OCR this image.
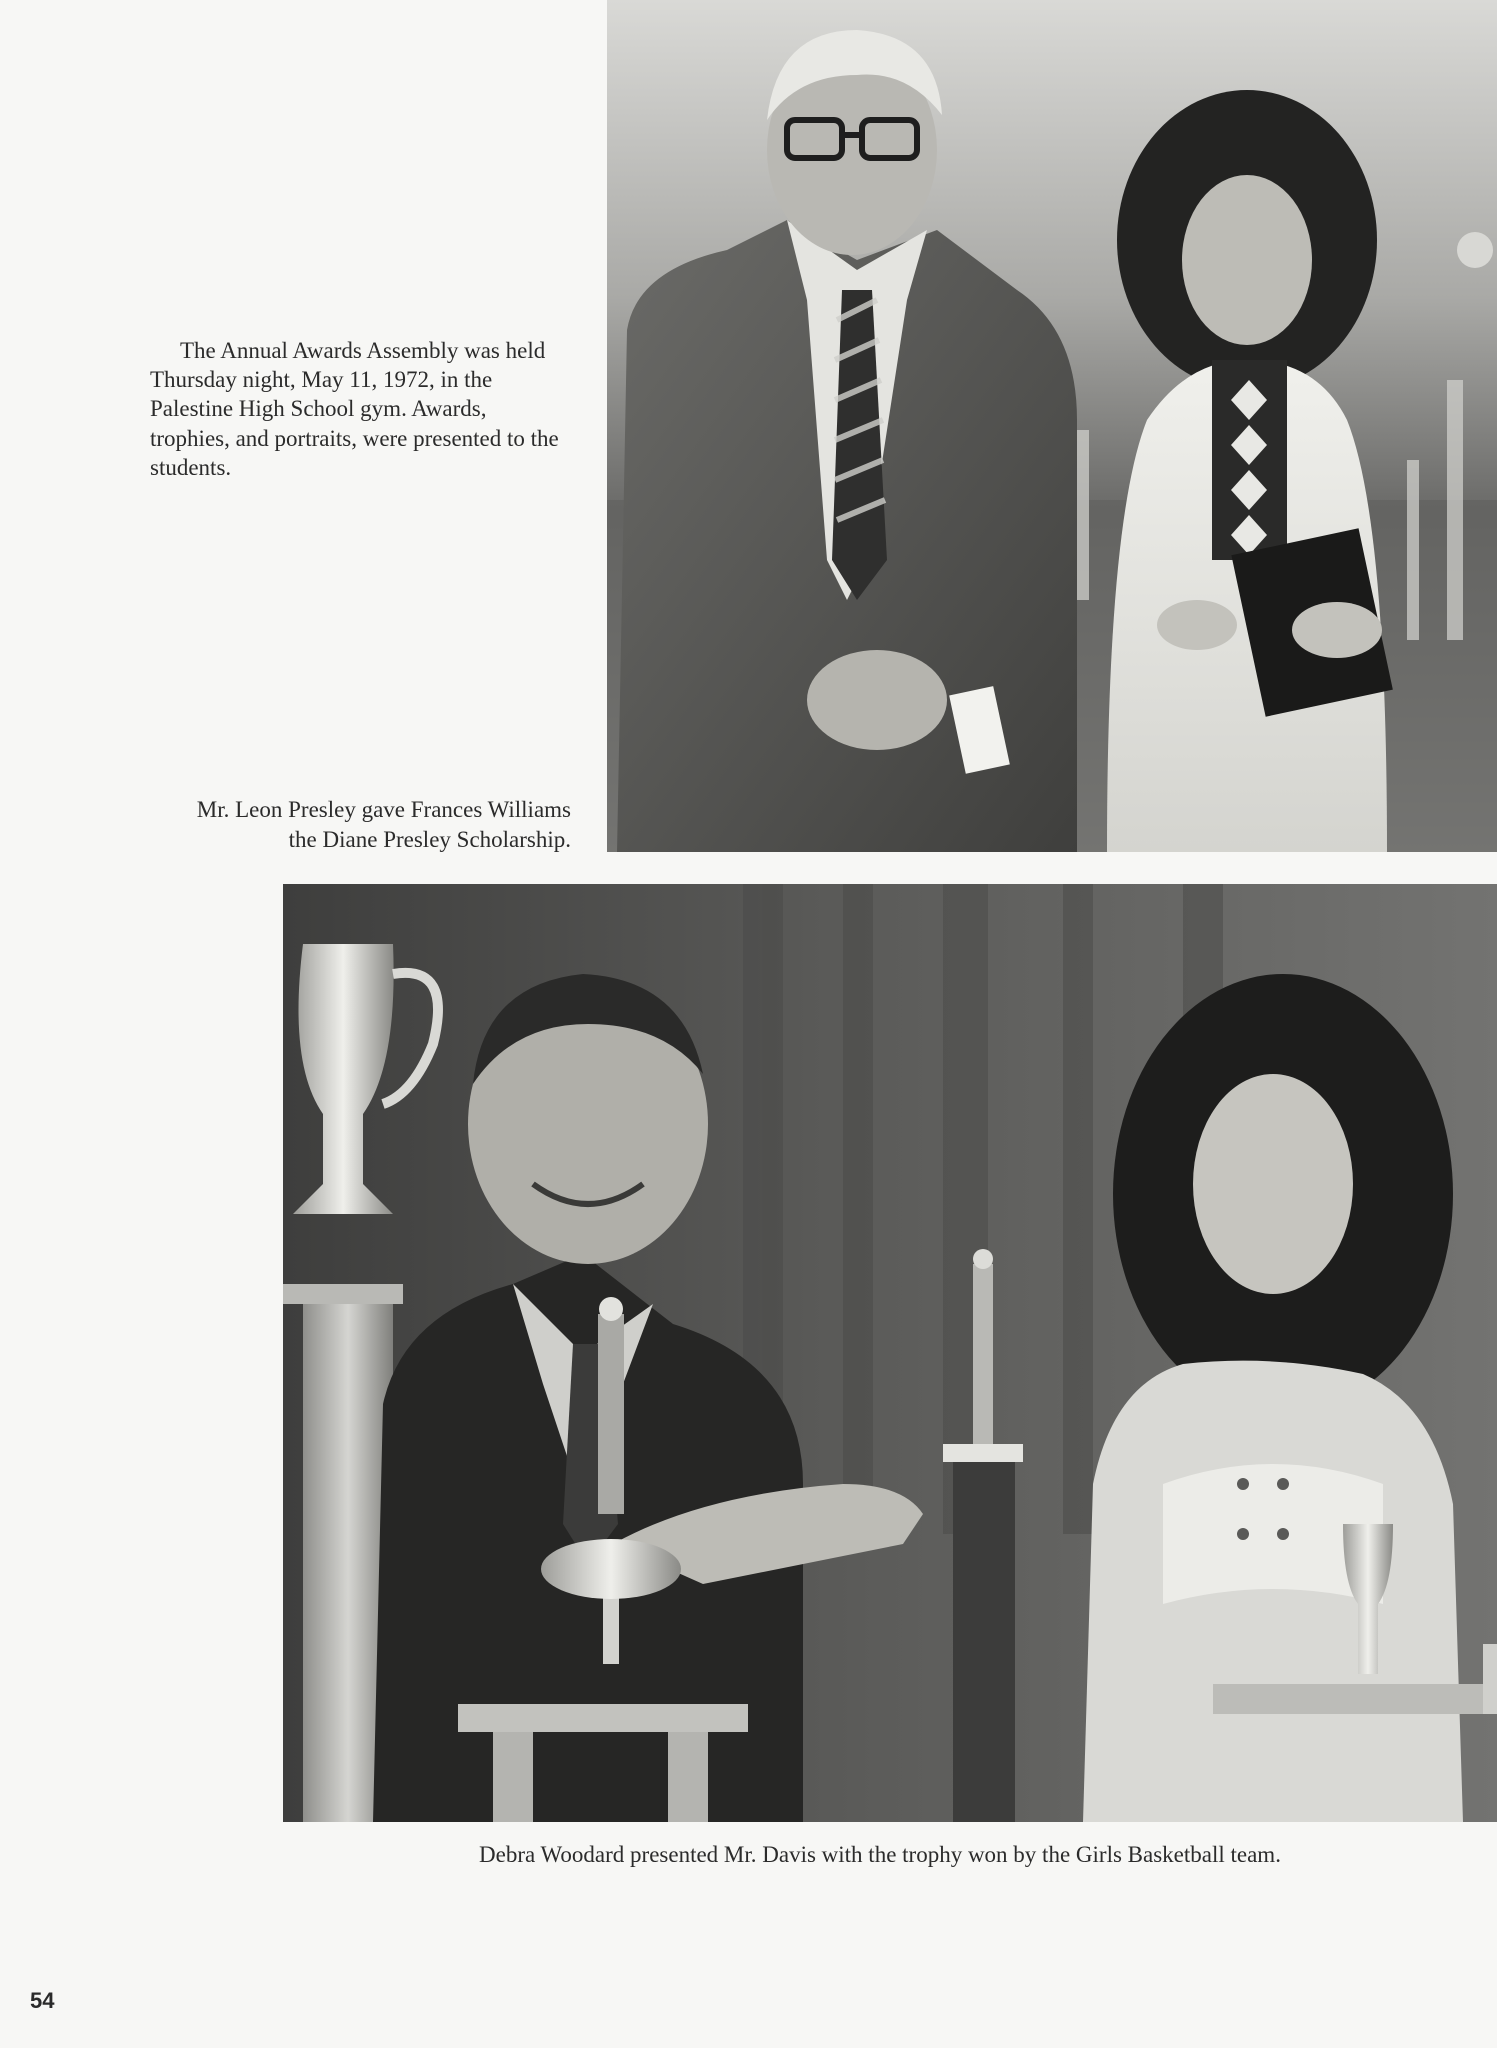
The Annual Awards Assembly was held Thursday night, May 11, 1972, in the Palestine High School gym. Awards, trophies, and portraits, were presented to the students.

Mr. Leon Presley gave Frances Williams the Diane Presley Scholarship.
Debra Woodard presented Mr. Davis with the trophy won by the Girls Basketball team.
54
